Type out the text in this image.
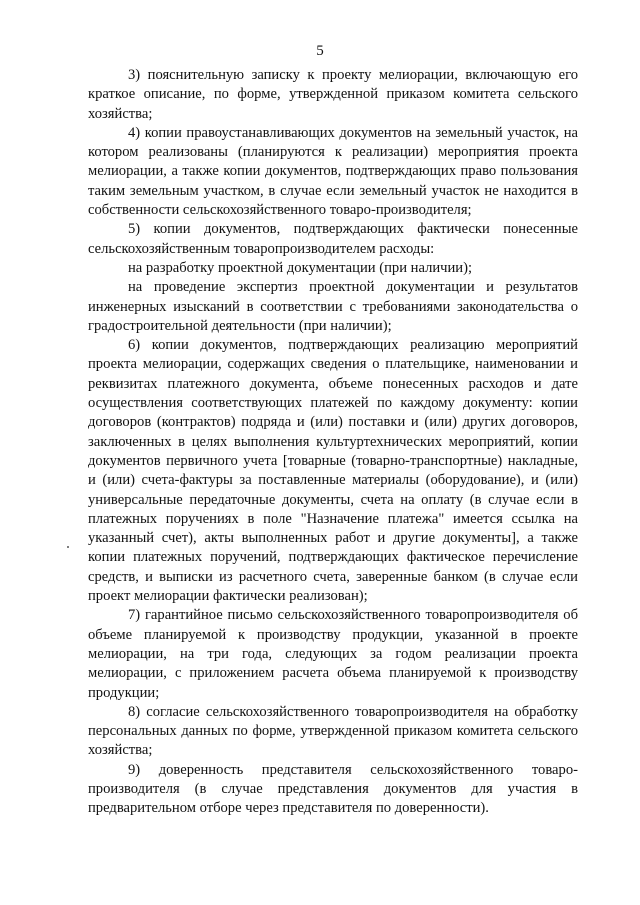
5

3) пояснительную записку к проекту мелиорации, включающую его краткое описание, по форме, утвержденной приказом комитета сельского хозяйства;

4) копии правоустанавливающих документов на земельный участок, на котором реализованы (планируются к реализации) мероприятия проекта мелиорации, а также копии документов, подтверждающих право пользования таким земельным участком, в случае если земельный участок не находится в собственности сельскохозяйственного товаро-производителя;

5) копии документов, подтверждающих фактически понесенные сельскохозяйственным товаропроизводителем расходы:

на разработку проектной документации (при наличии);

на проведение экспертиз проектной документации и результатов инженерных изысканий в соответствии с требованиями законодательства о градостроительной деятельности (при наличии);

6) копии документов, подтверждающих реализацию мероприятий проекта мелиорации, содержащих сведения о плательщике, наименовании и реквизитах платежного документа, объеме понесенных расходов и дате осуществления соответствующих платежей по каждому документу: копии договоров (контрактов) подряда и (или) поставки и (или) других договоров, заключенных в целях выполнения культуртехнических мероприятий, копии документов первичного учета [товарные (товарно-транспортные) накладные, и (или) счета-фактуры за поставленные материалы (оборудование), и (или) универсальные передаточные документы, счета на оплату (в случае если в платежных поручениях в поле "Назначение платежа" имеется ссылка на указанный счет), акты выполненных работ и другие документы], а также копии платежных поручений, подтверждающих фактическое перечисление средств, и выписки из расчетного счета, заверенные банком (в случае если проект мелиорации фактически реализован);

7) гарантийное письмо сельскохозяйственного товаропроизводителя об объеме планируемой к производству продукции, указанной в проекте мелиорации, на три года, следующих за годом реализации проекта мелиорации, с приложением расчета объема планируемой к производству продукции;

8) согласие сельскохозяйственного товаропроизводителя на обработку персональных данных по форме, утвержденной приказом комитета сельского хозяйства;

9) доверенность представителя сельскохозяйственного товаро-производителя (в случае представления документов для участия в предварительном отборе через представителя по доверенности).
